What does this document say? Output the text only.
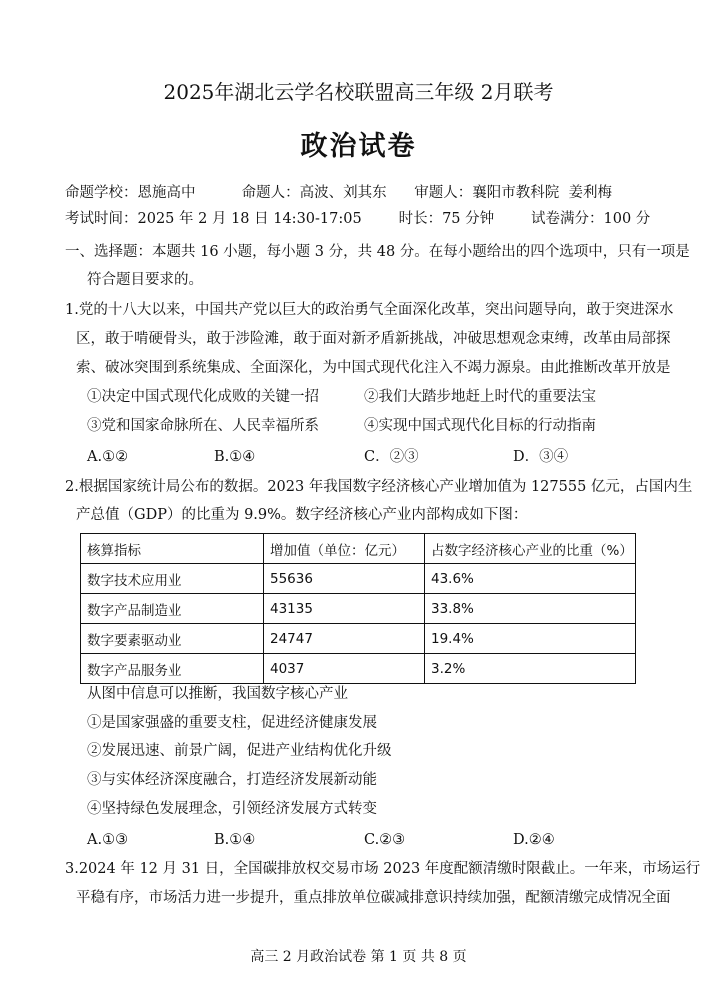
2025年湖北云学名校联盟高三年级 2月联考
政治试卷
命题学校：恩施高中          命题人：高波、刘其东      审题人：襄阳市教科院  姜利梅
考试时间：2025 年 2 月 18 日 14:30-17:05        时长：75 分钟        试卷满分：100 分
一、选择题：本题共 16 小题，每小题 3 分，共 48 分。在每小题给出的四个选项中，只有一项是
符合题目要求的。
1.党的十八大以来，中国共产党以巨大的政治勇气全面深化改革，突出问题导向，敢于突进深水
区，敢于啃硬骨头，敢于涉险滩，敢于面对新矛盾新挑战，冲破思想观念束缚，改革由局部探
索、破冰突围到系统集成、全面深化，为中国式现代化注入不竭力源泉。由此推断改革开放是
①决定中国式现代化成败的关键一招	②我们大踏步地赶上时代的重要法宝
③党和国家命脉所在、人民幸福所系	④实现中国式现代化目标的行动指南
A.①②	B.①④	C．②③	D．③④
2.根据国家统计局公布的数据。2023 年我国数字经济核心产业增加值为 127555 亿元，占国内生
产总值（GDP）的比重为 9.9%。数字经济核心产业内部构成如下图：
核算指标	增加值（单位：亿元）	占数字经济核心产业的比重（%）
数字技术应用业	55636	43.6%
数字产品制造业	43135	33.8%
数字要素驱动业	24747	19.4%
数字产品服务业	4037	3.2%
从图中信息可以推断，我国数字核心产业
①是国家强盛的重要支柱，促进经济健康发展
②发展迅速、前景广阔，促进产业结构优化升级
③与实体经济深度融合，打造经济发展新动能
④坚持绿色发展理念，引领经济发展方式转变
A.①③	B.①④	C.②③	D.②④
3.2024 年 12 月 31 日，全国碳排放权交易市场 2023 年度配额清缴时限截止。一年来，市场运行
平稳有序，市场活力进一步提升，重点排放单位碳减排意识持续加强，配额清缴完成情况全面
高三 2 月政治试卷 第 1 页 共 8 页
